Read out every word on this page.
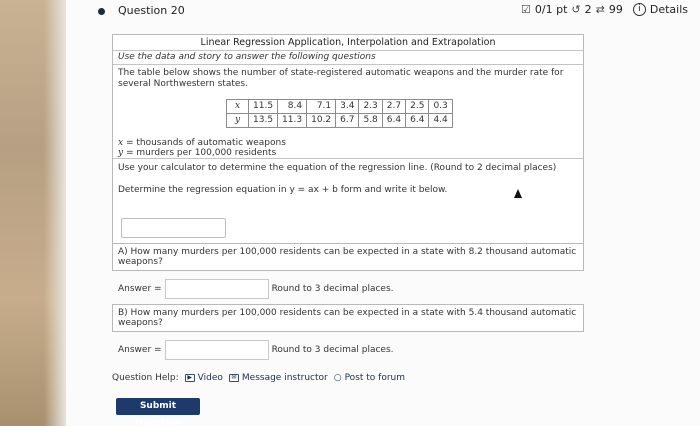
Question 20	☑ 0/1 pt ↺ 2 ⇄ 99	i Details
Linear Regression Application, Interpolation and Extrapolation
Use the data and story to answer the following questions
The table below shows the number of state-registered automatic weapons and the murder rate for several Northwestern states.
x	11.5	8.4	7.1	3.4	2.3	2.7	2.5	0.3
y	13.5	11.3	10.2	6.7	5.8	6.4	6.4	4.4
x = thousands of automatic weapons
y = murders per 100,000 residents
Use your calculator to determine the equation of the regression line. (Round to 2 decimal places)
Determine the regression equation in y = ax + b form and write it below.
A) How many murders per 100,000 residents can be expected in a state with 8.2 thousand automatic weapons?
Answer =	Round to 3 decimal places.
B) How many murders per 100,000 residents can be expected in a state with 5.4 thousand automatic weapons?
Answer =	Round to 3 decimal places.
Question Help:	▶ Video	✉ Message instructor ○ Post to forum
Submit Question
